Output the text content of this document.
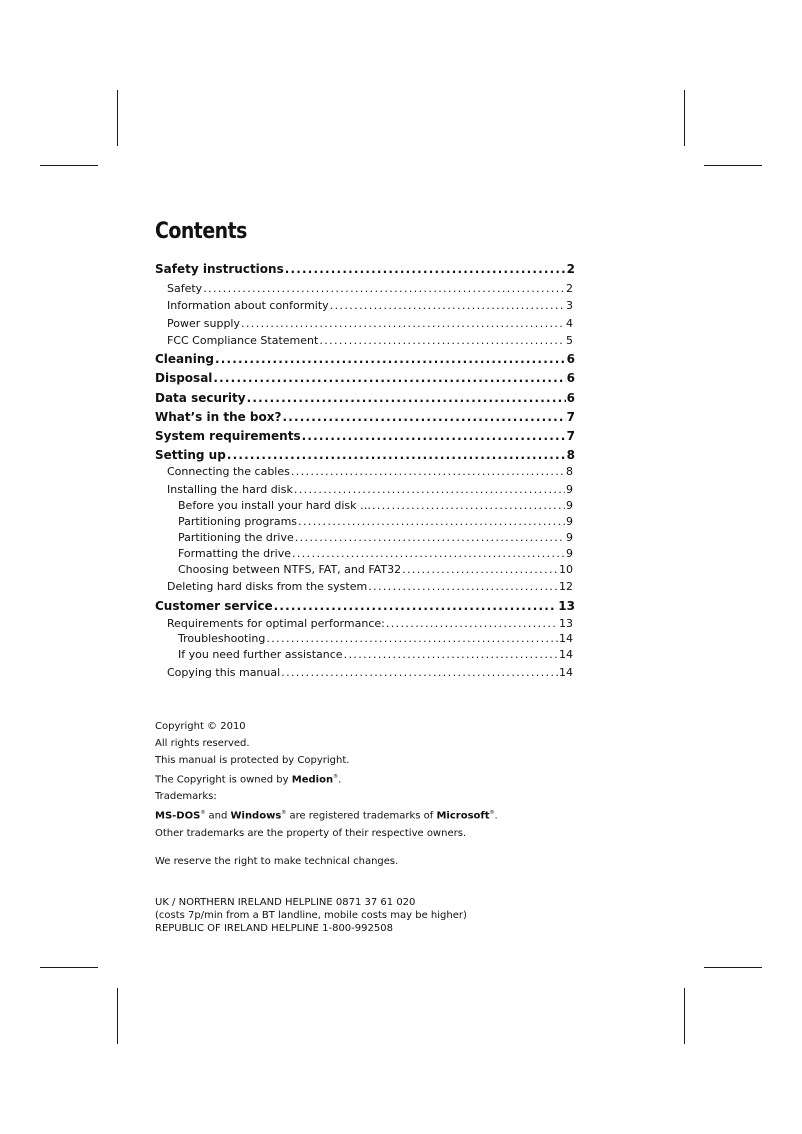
Contents
Safety instructions .....	2
Safety .....	2
Information about conformity .....	3
Power supply .....	4
FCC Compliance Statement .....	5
Cleaning .....	6
Disposal .....	6
Data security .....	6
What’s in the box? .....	7
System requirements .....	7
Setting up .....	8
Connecting the cables .....	8
Installing the hard disk .....	9
Before you install your hard disk … .....	9
Partitioning programs .....	9
Partitioning the drive .....	9
Formatting the drive .....	9
Choosing between NTFS, FAT, and FAT32 .....	10
Deleting hard disks from the system .....	12
Customer service .....	13
Requirements for optimal performance: .....	13
Troubleshooting .....	14
If you need further assistance .....	14
Copying this manual .....	14

Copyright © 2010

All rights reserved.

This manual is protected by Copyright.

The Copyright is owned by Medion®.

Trademarks:

MS-DOS® and Windows® are registered trademarks of Microsoft®.

Other trademarks are the property of their respective owners.

We reserve the right to make technical changes.

UK / NORTHERN IRELAND HELPLINE 0871 37 61 020

(costs 7p/min from a BT landline, mobile costs may be higher)

REPUBLIC OF IRELAND HELPLINE 1-800-992508
